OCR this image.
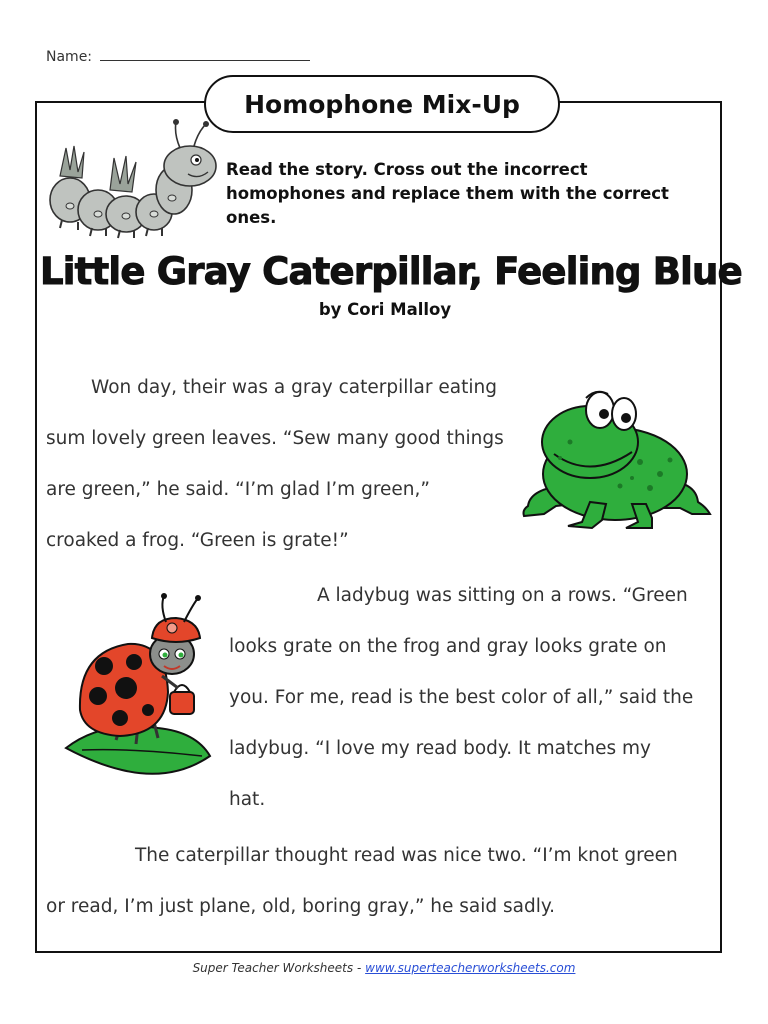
Name:
Homophone Mix-Up
Read the story. Cross out the incorrect homophones and replace them with the correct ones.
Little Gray Caterpillar, Feeling Blue
by Cori Malloy
Won day, their was a gray caterpillar eating
sum lovely green leaves. “Sew many good things
are green,” he said. “I’m glad I’m green,”
croaked a frog. “Green is grate!”
A ladybug was sitting on a rows. “Green
looks grate on the frog and gray looks grate on
you. For me, read is the best color of all,” said the
ladybug. “I love my read body. It matches my
hat.
The caterpillar thought read was nice two. “I’m knot green
or read, I’m just plane, old, boring gray,” he said sadly.
Super Teacher Worksheets - www.superteacherworksheets.com
